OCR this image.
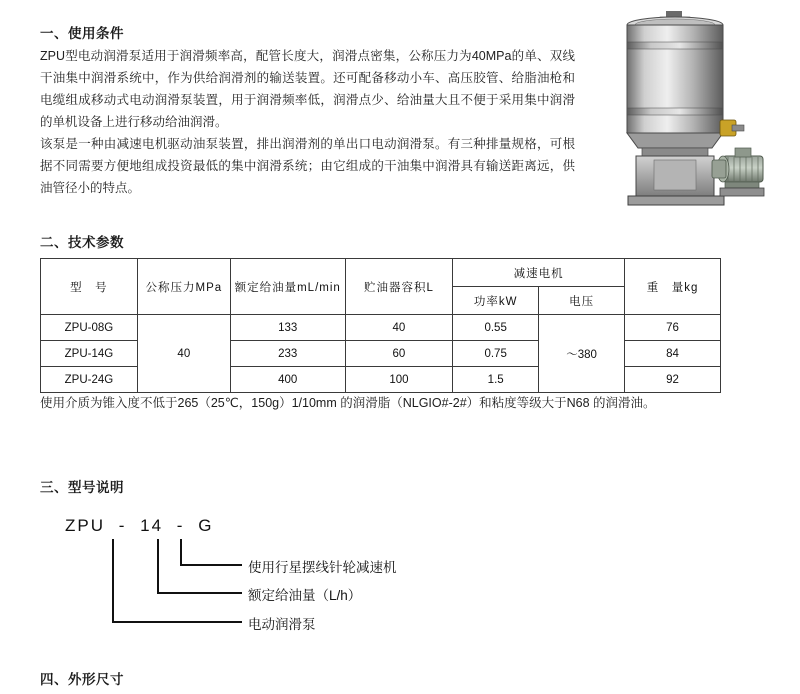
一、使用条件

ZPU型电动润滑泵适用于润滑频率高，配管长度大，润滑点密集，公称压力为40MPa的单、双线干油集中润滑系统中，作为供给润滑剂的输送装置。还可配备移动小车、高压胶管、给脂油枪和电缆组成移动式电动润滑泵装置，用于润滑频率低，润滑点少、给油量大且不便于采用集中润滑的单机设备上进行移动给油润滑。

该泵是一种由减速电机驱动油泵装置，排出润滑剂的单出口电动润滑泵。有三种排量规格，可根据不同需要方便地组成投资最低的集中润滑系统；由它组成的干油集中润滑具有输送距离远，供油管径小的特点。

二、技术参数
型　号	公称压力MPa	额定给油量mL/min	贮油器容积L	减速电机		重　量kg
				功率kW	电压	
ZPU-08G	40	133	40	0.55	～380	76
ZPU-14G		233	60	0.75		84
ZPU-24G		400	100	1.5		92
使用介质为锥入度不低于265（25℃，150g）1/10mm 的润滑脂（NLGIO#-2#）和粘度等级大于N68 的润滑油。
三、型号说明
ZPU - 14 - G
使用行星摆线针轮减速机
额定给油量（L/h）
电动润滑泵
四、外形尺寸
